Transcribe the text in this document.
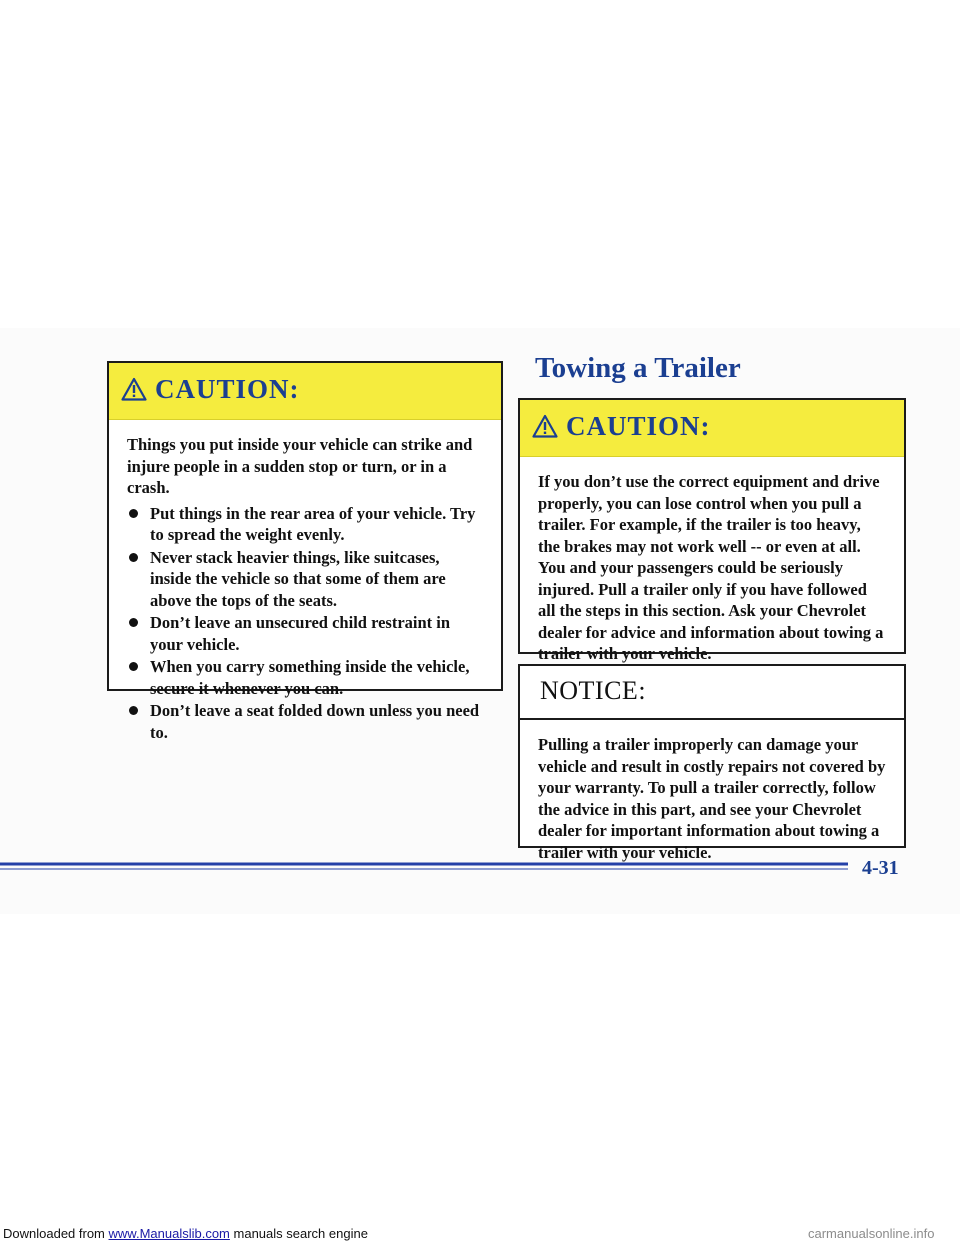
CAUTION:

Things you put inside your vehicle can strike and injure people in a sudden stop or turn, or in a crash.

Put things in the rear area of your vehicle. Try to spread the weight evenly.
Never stack heavier things, like suitcases, inside the vehicle so that some of them are above the tops of the seats.
Don’t leave an unsecured child restraint in your vehicle.
When you carry something inside the vehicle, secure it whenever you can.
Don’t leave a seat folded down unless you need to.
Towing a Trailer
CAUTION:

If you don’t use the correct equipment and drive properly, you can lose control when you pull a trailer. For example, if the trailer is too heavy, the brakes may not work well -- or even at all. You and your passengers could be seriously injured. Pull a trailer only if you have followed all the steps in this section. Ask your Chevrolet dealer for advice and information about towing a trailer with your vehicle.

NOTICE:

Pulling a trailer improperly can damage your vehicle and result in costly repairs not covered by your warranty. To pull a trailer correctly, follow the advice in this part, and see your Chevrolet dealer for important information about towing a trailer with your vehicle.

4-31
Downloaded from www.Manualslib.com manuals search engine	carmanualsonline.info
